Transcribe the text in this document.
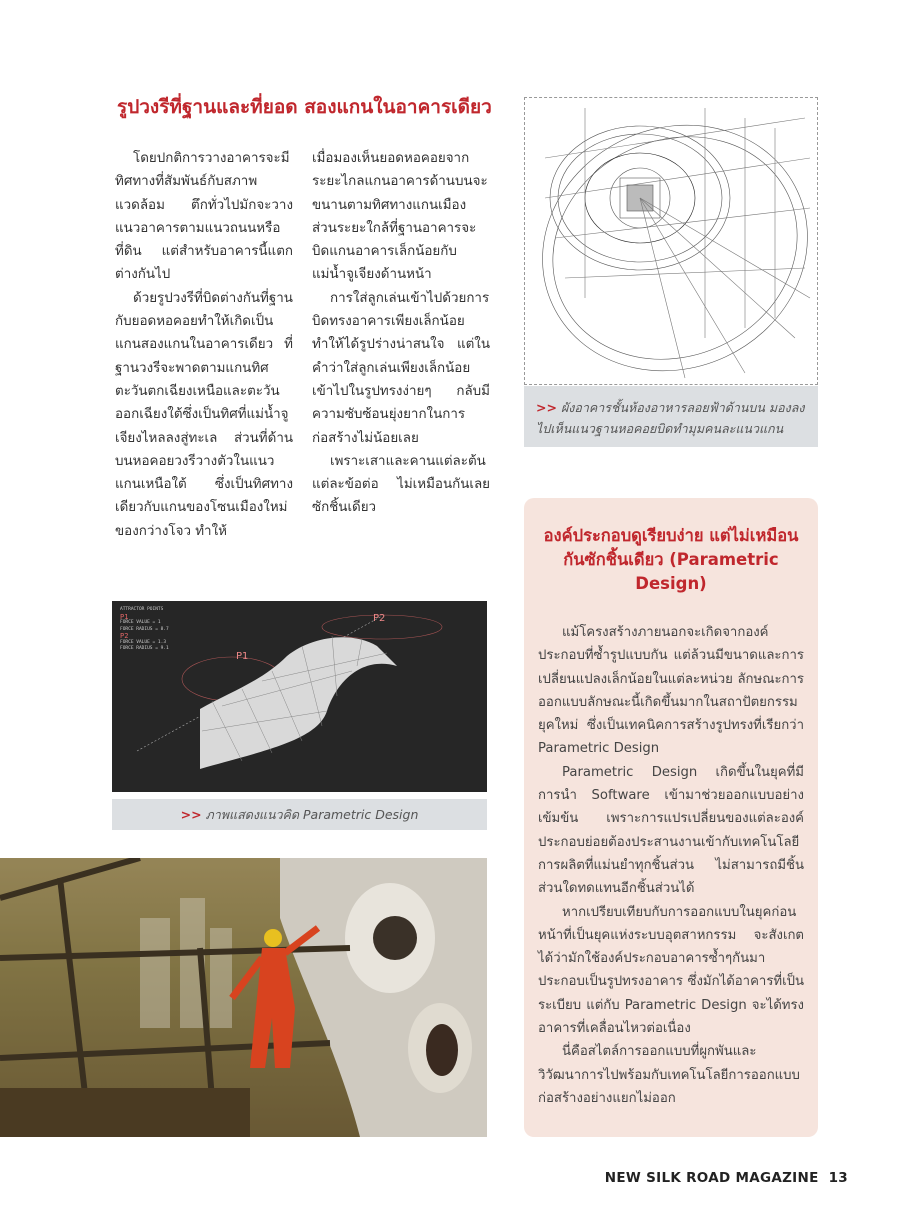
รูปวงรีที่ฐานและที่ยอด สองแกนในอาคารเดียว

โดยปกติการวางอาคารจะมีทิศทางที่สัมพันธ์กับสภาพแวดล้อม ตึกทั่วไปมักจะวางแนวอาคารตามแนวถนนหรือที่ดิน แต่สำหรับอาคารนี้แตกต่างกันไป

ด้วยรูปวงรีที่บิดต่างกันที่ฐานกับยอดหอคอยทำให้เกิดเป็นแกนสองแกนในอาคารเดียว ที่ฐานวงรีจะพาดตามแกนทิศตะวันตกเฉียงเหนือและตะวันออกเฉียงใต้ซึ่งเป็นทิศที่แม่น้ำจูเจียงไหลลงสู่ทะเล ส่วนที่ด้านบนหอคอยวงรีวางตัวในแนวแกนเหนือใต้ ซึ่งเป็นทิศทางเดียวกับแกนของโซนเมืองใหม่ของกว่างโจว ทำให้

เมื่อมองเห็นยอดหอคอยจากระยะไกลแกนอาคารด้านบนจะขนานตามทิศทางแกนเมือง ส่วนระยะใกล้ที่ฐานอาคารจะบิดแกนอาคารเล็กน้อยกับแม่น้ำจูเจียงด้านหน้า

การใส่ลูกเล่นเข้าไปด้วยการบิดทรงอาคารเพียงเล็กน้อยทำให้ได้รูปร่างน่าสนใจ แต่ในคำว่าใส่ลูกเล่นเพียงเล็กน้อยเข้าไปในรูปทรงง่ายๆ กลับมีความซับซ้อนยุ่งยากในการก่อสร้างไม่น้อยเลย

เพราะเสาและคานแต่ละต้นแต่ละข้อต่อ ไม่เหมือนกันเลยซักชิ้นเดียว

>> ผังอาคารชั้นห้องอาหารลอยฟ้าด้านบน มองลงไปเห็นแนวฐานหอคอยบิดทำมุมคนละแนวแกน
ATTRACTOR POINTS
P1
FORCE VALUE = 1
FORCE RADIUS = 8.7
P2
FORCE VALUE = 1.3
FORCE RADIUS = 9.1
P1
P2
>> ภาพแสดงแนวคิด Parametric Design
องค์ประกอบดูเรียบง่าย แต่ไม่เหมือนกันซักชิ้นเดียว (Parametric Design)

แม้โครงสร้างภายนอกจะเกิดจากองค์ประกอบที่ซ้ำรูปแบบกัน แต่ล้วนมีขนาดและการเปลี่ยนแปลงเล็กน้อยในแต่ละหน่วย ลักษณะการออกแบบลักษณะนี้เกิดขึ้นมากในสถาปัตยกรรมยุคใหม่ ซึ่งเป็นเทคนิคการสร้างรูปทรงที่เรียกว่า Parametric Design

Parametric Design เกิดขึ้นในยุคที่มีการนำ Software เข้ามาช่วยออกแบบอย่างเข้มข้น เพราะการแปรเปลี่ยนของแต่ละองค์ประกอบย่อยต้องประสานงานเข้ากับเทคโนโลยีการผลิตที่แม่นยำทุกชิ้นส่วน ไม่สามารถมีชิ้นส่วนใดทดแทนอีกชิ้นส่วนได้

หากเปรียบเทียบกับการออกแบบในยุคก่อนหน้าที่เป็นยุคแห่งระบบอุตสาหกรรม จะสังเกตได้ว่ามักใช้องค์ประกอบอาคารซ้ำๆกันมาประกอบเป็นรูปทรงอาคาร ซึ่งมักได้อาคารที่เป็นระเบียบ แต่กับ Parametric Design จะได้ทรงอาคารที่เคลื่อนไหวต่อเนื่อง

นี่คือสไตล์การออกแบบที่ผูกพันและวิวัฒนาการไปพร้อมกับเทคโนโลยีการออกแบบก่อสร้างอย่างแยกไม่ออก

NEW SILK ROAD MAGAZINE 13
